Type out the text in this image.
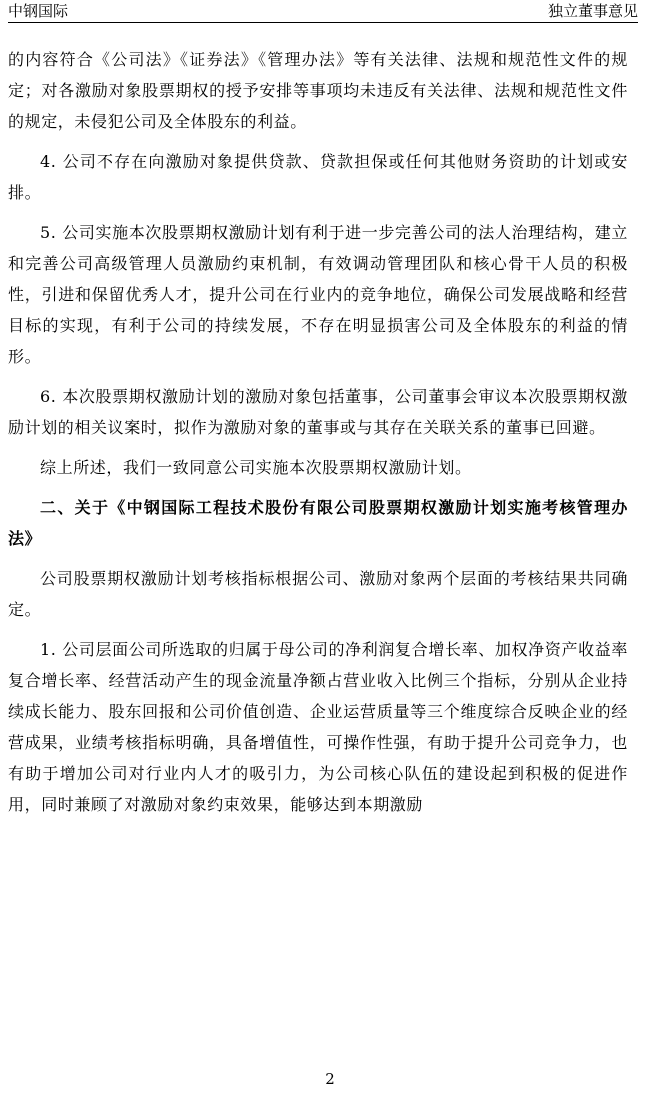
中钢国际	独立董事意见

的内容符合《公司法》《证券法》《管理办法》等有关法律、法规和规范性文件的规定；对各激励对象股票期权的授予安排等事项均未违反有关法律、法规和规范性文件的规定，未侵犯公司及全体股东的利益。

4. 公司不存在向激励对象提供贷款、贷款担保或任何其他财务资助的计划或安排。

5. 公司实施本次股票期权激励计划有利于进一步完善公司的法人治理结构，建立和完善公司高级管理人员激励约束机制，有效调动管理团队和核心骨干人员的积极性，引进和保留优秀人才，提升公司在行业内的竞争地位，确保公司发展战略和经营目标的实现，有利于公司的持续发展，不存在明显损害公司及全体股东的利益的情形。

6. 本次股票期权激励计划的激励对象包括董事，公司董事会审议本次股票期权激励计划的相关议案时，拟作为激励对象的董事或与其存在关联关系的董事已回避。

综上所述，我们一致同意公司实施本次股票期权激励计划。

二、关于《中钢国际工程技术股份有限公司股票期权激励计划实施考核管理办法》

公司股票期权激励计划考核指标根据公司、激励对象两个层面的考核结果共同确定。

1. 公司层面公司所选取的归属于母公司的净利润复合增长率、加权净资产收益率复合增长率、经营活动产生的现金流量净额占营业收入比例三个指标，分别从企业持续成长能力、股东回报和公司价值创造、企业运营质量等三个维度综合反映企业的经营成果，业绩考核指标明确，具备增值性，可操作性强，有助于提升公司竞争力，也有助于增加公司对行业内人才的吸引力，为公司核心队伍的建设起到积极的促进作用，同时兼顾了对激励对象约束效果，能够达到本期激励

2
